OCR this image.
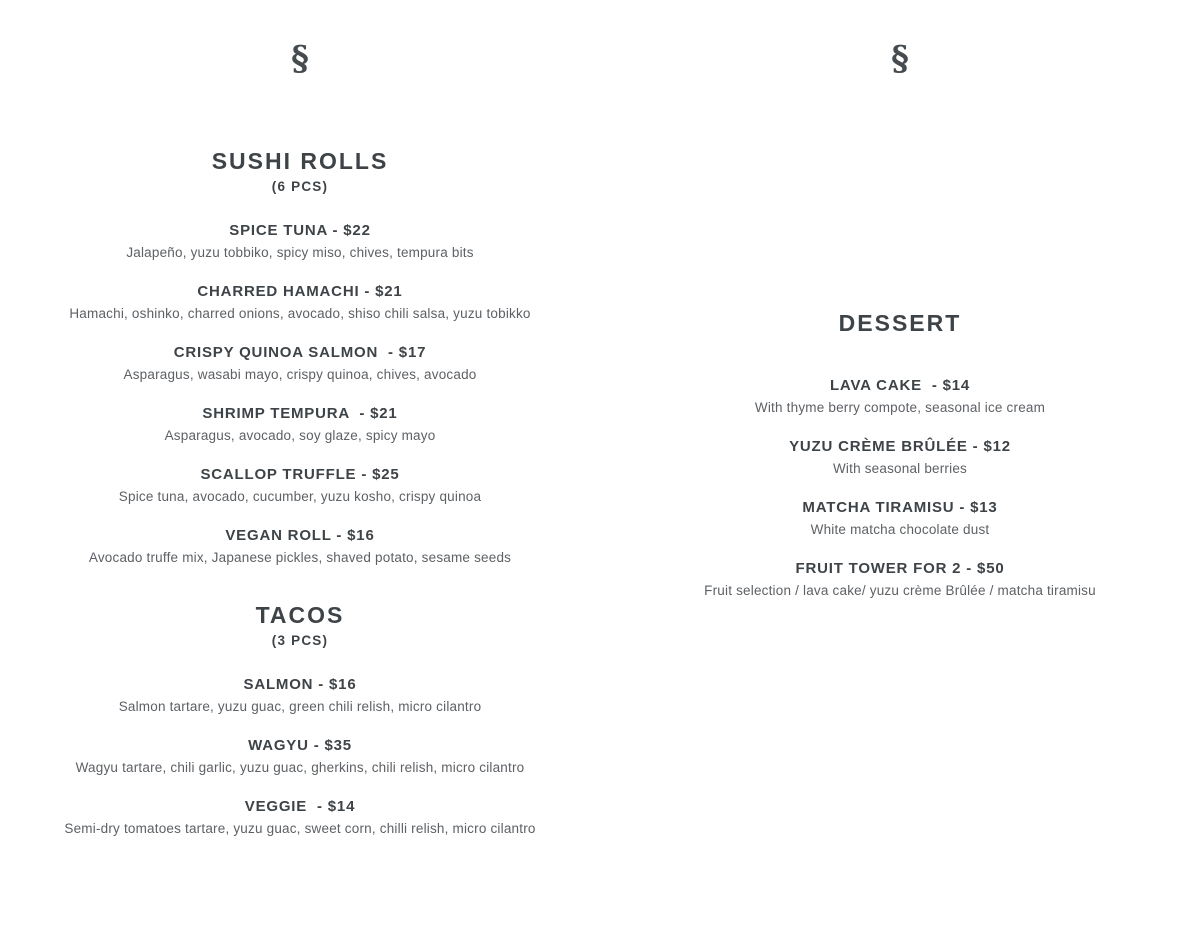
§
SUSHI ROLLS
(6 PCS)
SPICE TUNA - $22
Jalapeño, yuzu tobbiko, spicy miso, chives, tempura bits
CHARRED HAMACHI - $21
Hamachi, oshinko, charred onions, avocado, shiso chili salsa, yuzu tobikko
CRISPY QUINOA SALMON  - $17
Asparagus, wasabi mayo, crispy quinoa, chives, avocado
SHRIMP TEMPURA  - $21
Asparagus, avocado, soy glaze, spicy mayo
SCALLOP TRUFFLE - $25
Spice tuna, avocado, cucumber, yuzu kosho, crispy quinoa
VEGAN ROLL - $16
Avocado truffe mix, Japanese pickles, shaved potato, sesame seeds
TACOS
(3 PCS)
SALMON - $16
Salmon tartare, yuzu guac, green chili relish, micro cilantro
WAGYU - $35
Wagyu tartare, chili garlic, yuzu guac, gherkins, chili relish, micro cilantro
VEGGIE  - $14
Semi-dry tomatoes tartare, yuzu guac, sweet corn, chilli relish, micro cilantro
§
DESSERT
LAVA CAKE  - $14
With thyme berry compote, seasonal ice cream
YUZU CRÈME BRÛLÉE - $12
With seasonal berries
MATCHA TIRAMISU - $13
White matcha chocolate dust
FRUIT TOWER FOR 2 - $50
Fruit selection / lava cake/ yuzu crème Brûlée / matcha tiramisu
